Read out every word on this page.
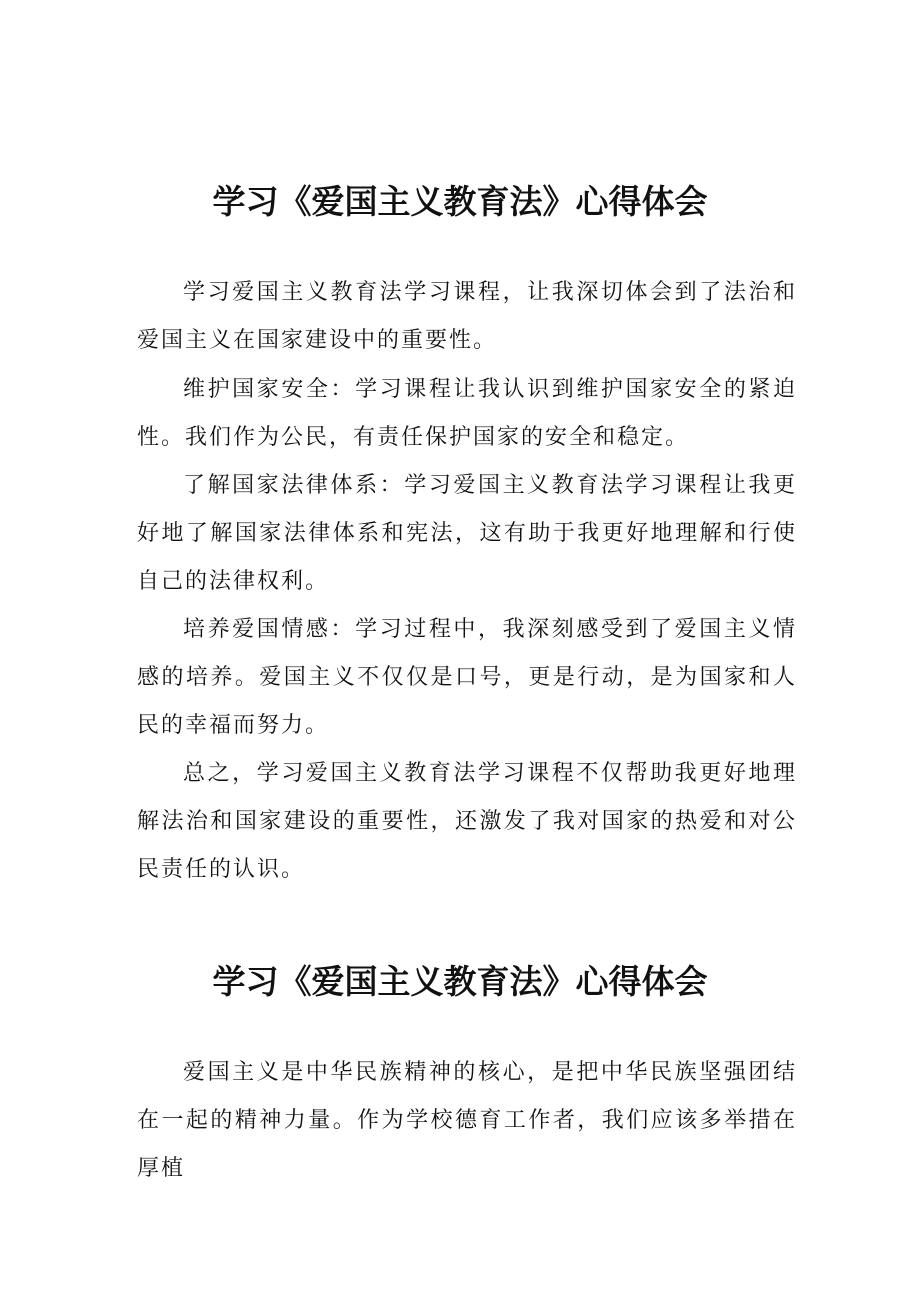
学习《爱国主义教育法》心得体会

学习爱国主义教育法学习课程，让我深切体会到了法治和爱国主义在国家建设中的重要性。

维护国家安全：学习课程让我认识到维护国家安全的紧迫性。我们作为公民，有责任保护国家的安全和稳定。

了解国家法律体系：学习爱国主义教育法学习课程让我更好地了解国家法律体系和宪法，这有助于我更好地理解和行使自己的法律权利。

培养爱国情感：学习过程中，我深刻感受到了爱国主义情感的培养。爱国主义不仅仅是口号，更是行动，是为国家和人民的幸福而努力。

总之，学习爱国主义教育法学习课程不仅帮助我更好地理解法治和国家建设的重要性，还激发了我对国家的热爱和对公民责任的认识。

学习《爱国主义教育法》心得体会

爱国主义是中华民族精神的核心，是把中华民族坚强团结在一起的精神力量。作为学校德育工作者，我们应该多举措在厚植
